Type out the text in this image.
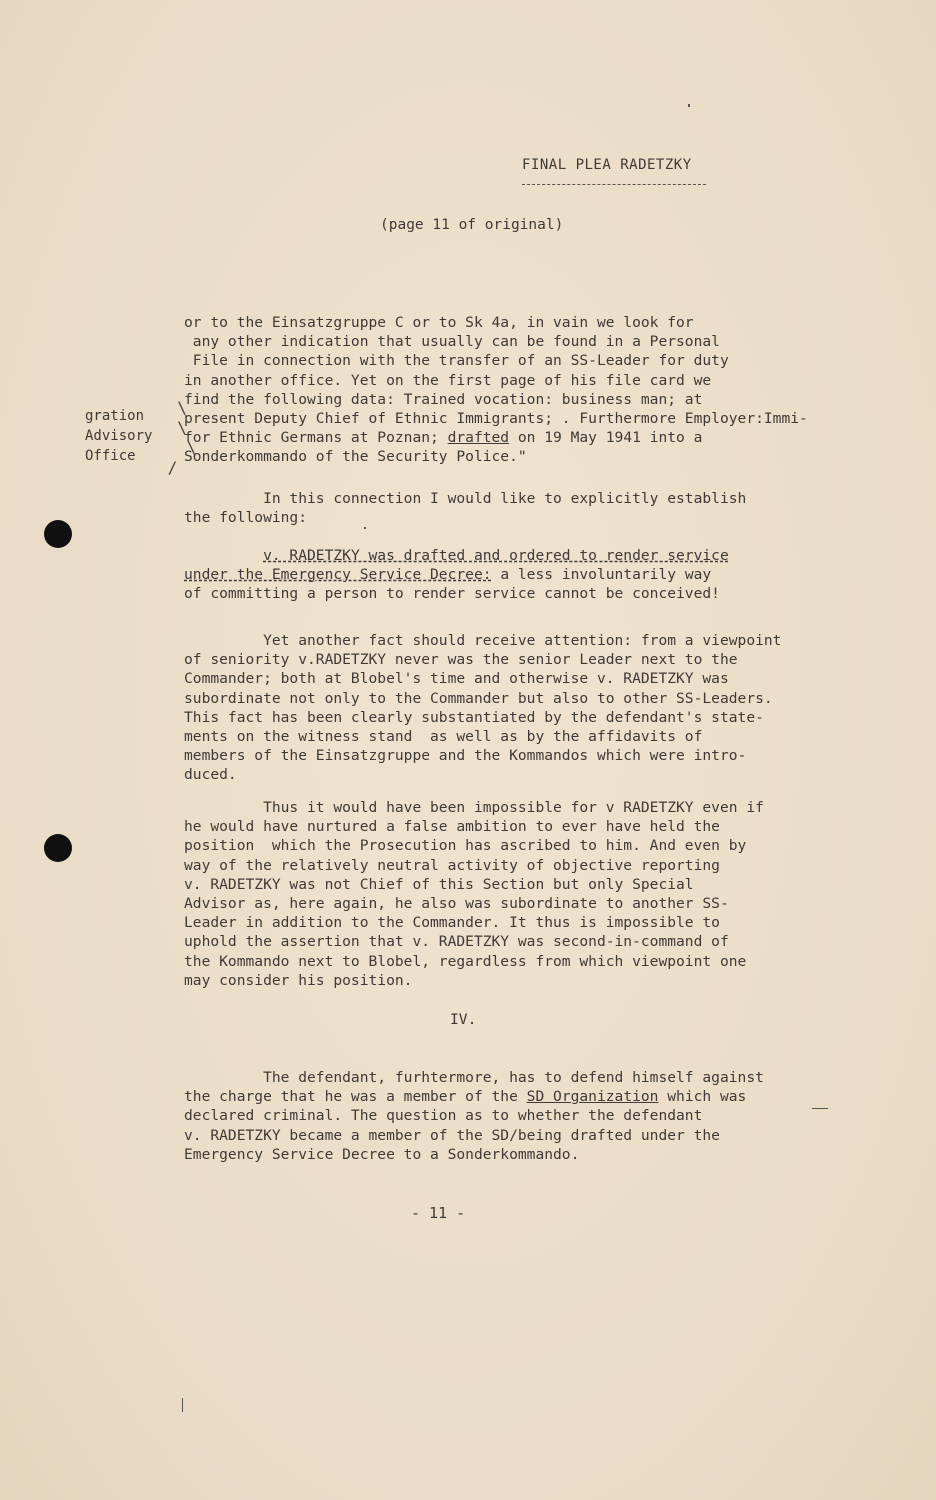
FINAL PLEA RADETZKY
(page 11 of original)
gration
Advisory
Office
\
\
\
/
or to the Einsatzgruppe C or to Sk 4a, in vain we look for
any other indication that usually can be found in a Personal
File in connection with the transfer of an SS-Leader for duty
in another office. Yet on the first page of his file card we
find the following data: Trained vocation: business man; at
present Deputy Chief of Ethnic Immigrants; . Furthermore Employer:Immi-
for Ethnic Germans at Poznan; drafted on 19 May 1941 into a
Sonderkommando of the Security Police."
In this connection I would like to explicitly establish
the following:
v. RADETZKY was drafted and ordered to render service
under the Emergency Service Decree: a less involuntarily way
of committing a person to render service cannot be conceived!
Yet another fact should receive attention: from a viewpoint
of seniority v.RADETZKY never was the senior Leader next to the
Commander; both at Blobel's time and otherwise v. RADETZKY was
subordinate not only to the Commander but also to other SS-Leaders.
This fact has been clearly substantiated by the defendant's state-
ments on the witness stand  as well as by the affidavits of
members of the Einsatzgruppe and the Kommandos which were intro-
duced.
Thus it would have been impossible for v RADETZKY even if
he would have nurtured a false ambition to ever have held the
position  which the Prosecution has ascribed to him. And even by
way of the relatively neutral activity of objective reporting
v. RADETZKY was not Chief of this Section but only Special
Advisor as, here again, he also was subordinate to another SS-
Leader in addition to the Commander. It thus is impossible to
uphold the assertion that v. RADETZKY was second-in-command of
the Kommando next to Blobel, regardless from which viewpoint one
may consider his position.
IV.
The defendant, furhtermore, has to defend himself against
the charge that he was a member of the SD Organization which was
declared criminal. The question as to whether the defendant
v. RADETZKY became a member of the SD/being drafted under the
Emergency Service Decree to a Sonderkommando.
- 11 -
